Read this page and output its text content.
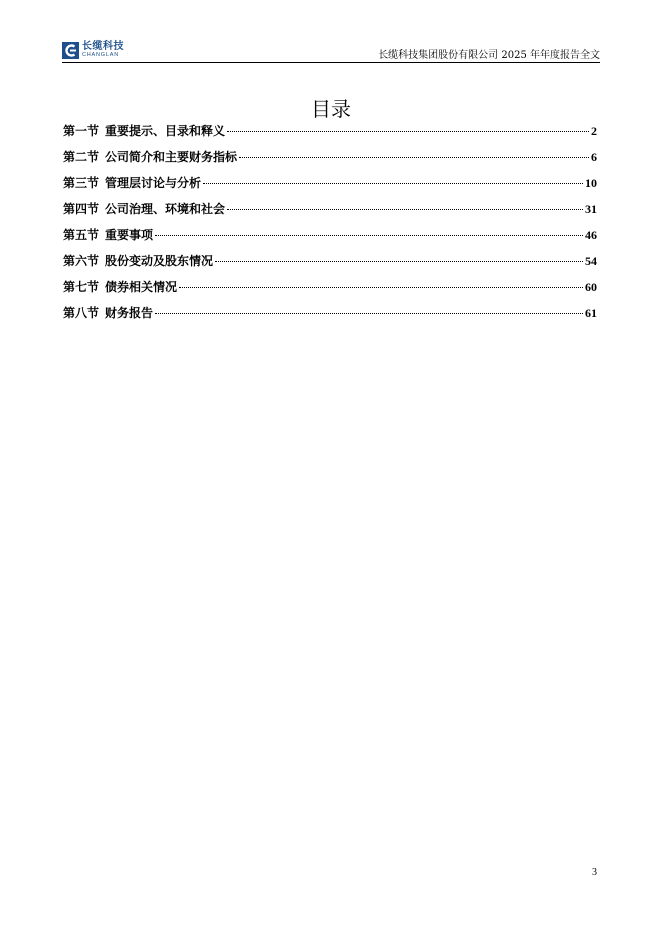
长缆科技
CHANGLAN	长缆科技集团股份有限公司 2025 年年度报告全文
目录
第一节 重要提示、目录和释义	2
第二节 公司简介和主要财务指标	6
第三节 管理层讨论与分析	10
第四节 公司治理、环境和社会	31
第五节 重要事项	46
第六节 股份变动及股东情况	54
第七节 债券相关情况	60
第八节 财务报告	61
3
